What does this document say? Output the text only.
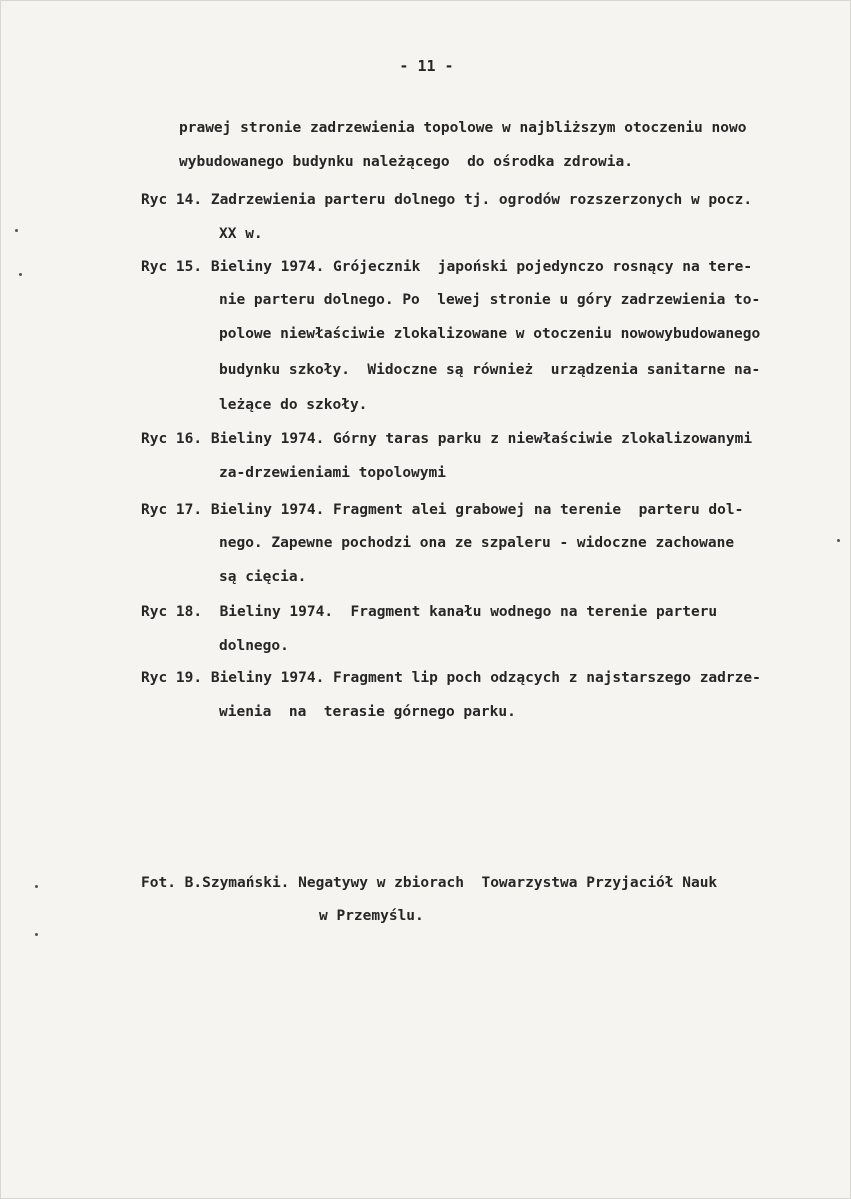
- 11 -
prawej stronie zadrzewienia topolowe w najbliższym otoczeniu nowo
wybudowanego budynku należącego  do ośrodka zdrowia.
Ryc 14. Zadrzewienia parteru dolnego tj. ogrodów rozszerzonych w pocz.
XX w.
Ryc 15. Bieliny 1974. Grójecznik  japoński pojedynczo rosnący na tere-
nie parteru dolnego. Po  lewej stronie u góry zadrzewienia to-
polowe niewłaściwie zlokalizowane w otoczeniu nowowybudowanego
budynku szkoły.  Widoczne są również  urządzenia sanitarne na-
leżące do szkoły.
Ryc 16. Bieliny 1974. Górny taras parku z niewłaściwie zlokalizowanymi
za-drzewieniami topolowymi
Ryc 17. Bieliny 1974. Fragment alei grabowej na terenie  parteru dol-
nego. Zapewne pochodzi ona ze szpaleru - widoczne zachowane
są cięcia.
Ryc 18.  Bieliny 1974.  Fragment kanału wodnego na terenie parteru
dolnego.
Ryc 19. Bieliny 1974. Fragment lip poch odzących z najstarszego zadrze-
wienia  na  terasie górnego parku.
Fot. B.Szymański. Negatywy w zbiorach  Towarzystwa Przyjaciół Nauk
w Przemyślu.
